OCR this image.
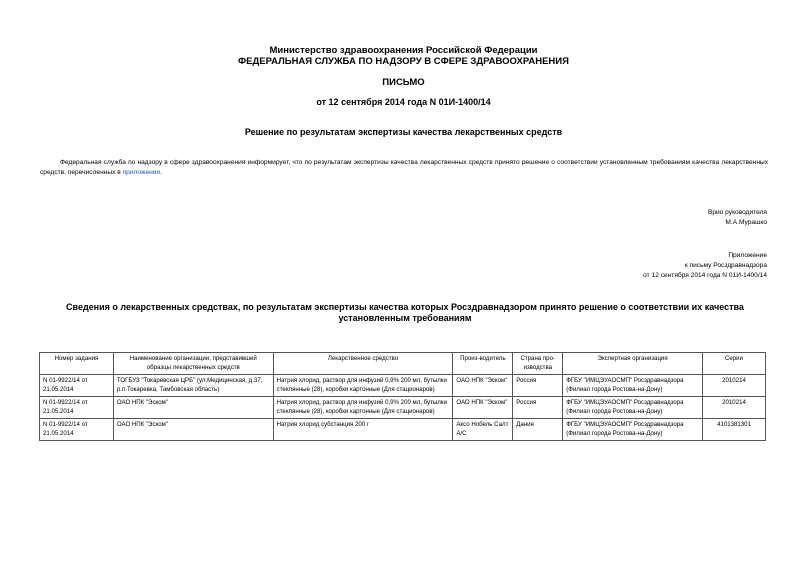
Министерство здравоохранения Российской Федерации
ФЕДЕРАЛЬНАЯ СЛУЖБА ПО НАДЗОРУ В СФЕРЕ ЗДРАВООХРАНЕНИЯ
ПИСЬМО
от 12 сентября 2014 года N 01И-1400/14
Решение по результатам экспертизы качества лекарственных средств
Федеральная служба по надзору в сфере здравоохранения информирует, что по результатам экспертизы качества лекарственных средств принято решение о соответствии установленным требованиям качества лекарственных средств, перечисленных в приложении.
Врио руководителя
М.А.Мурашко
Приложение
к письму Росздравнадзора
от 12 сентября 2014 года N 01И-1400/14
Сведения о лекарственных средствах, по результатам экспертизы качества которых Росздравнадзором принято решение о соответствии их качества установленным требованиям
Номер задания	Наименование организации, представившей образцы лекарственных средств	Лекарственное средство	Произ-водитель	Страна про-изводства	Экспертная организация	Серии
N 01-9922/14 от 21.05.2014	ТОГБУЗ "Токаревская ЦРБ" (ул.Медицинская, д.37, р.п.Токаревка, Тамбовская область)	Натрия хлорид, раствор для инфузий 0,9% 200 мл, бутылки стеклянные (28), коробки картонные (Для стационаров)	ОАО НПК "Эском"	Россия	ФГБУ "ИМЦЭУАОСМП" Росздравнадзора (Филиал города Ростова-на-Дону)	2010214
N 01-9922/14 от 21.05.2014	ОАО НПК "Эском"	Натрия хлорид, раствор для инфузий 0,9% 200 мл, бутылки стеклянные (28), коробки картонные (Для стационаров)	ОАО НПК "Эском"	Россия	ФГБУ "ИМЦЭУАОСМП" Росздравнадзора (Филиал города Ростова-на-Дону)	2010214
N 01-9922/14 от 21.05.2014	ОАО НПК "Эском"	Натрия хлорид субстанция 200 г	Аксо Нобель Салт А/С	Дания	ФГБУ "ИМЦЭУАОСМП" Росздравнадзора (Филиал города Ростова-на-Дону)	4101381301
